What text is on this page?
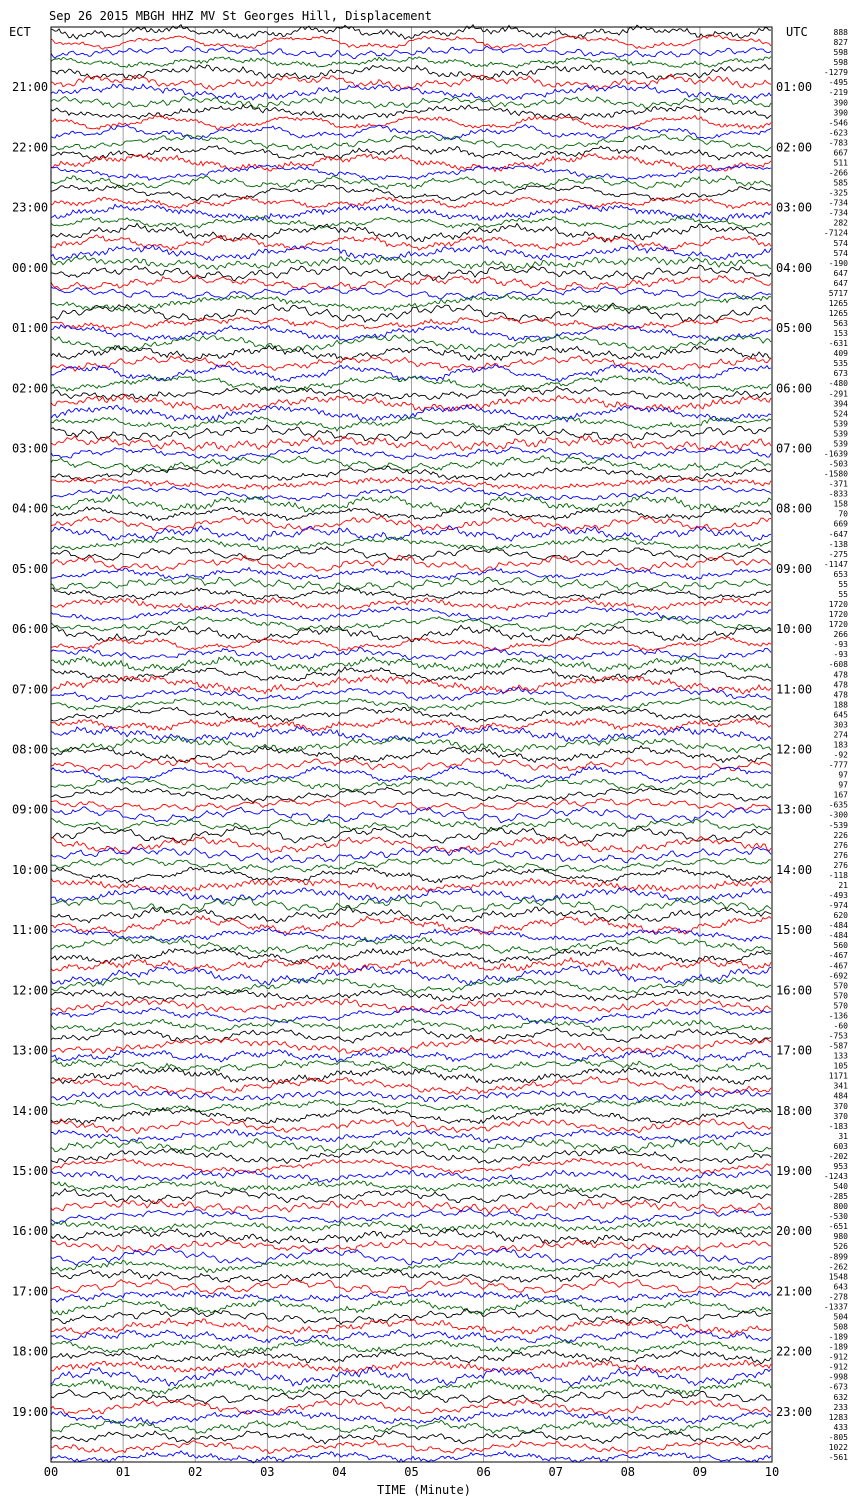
00	01	02	03	04	05	06	07	08	09	10
21:00
22:00
23:00
00:00
01:00
02:00
03:00
04:00
05:00
06:00
07:00
08:00
09:00
10:00
11:00
12:00
13:00
14:00
15:00
16:00
17:00
18:00
19:00
01:00
02:00
03:00
04:00
05:00
06:00
07:00
08:00
09:00
10:00
11:00
12:00
13:00
14:00
15:00
16:00
17:00
18:00
19:00
20:00
21:00
22:00
23:00
888
827
598
598
-1279
-495
-219
390
390
-546
-623
-783
667
511
-266
585
-325
-734
-734
282
-7124
574
574
-190
647
647
5717
1265
1265
563
153
-631
409
535
673
-480
-291
394
524
539
539
539
-1639
-503
-1580
-371
-833
158
70
669
-647
-138
-275
-1147
653
55
55
1720
1720
1720
266
-93
-93
-608
478
478
478
188
645
303
274
183
-92
-777
97
97
167
-635
-300
-539
226
276
276
276
-118
21
-493
-974
620
-484
-484
560
-467
-467
-692
570
570
570
-136
-60
-753
-587
133
105
1171
341
484
370
370
-183
31
603
-202
953
-1243
540
-285
800
-530
-651
980
526
-899
-262
1548
643
-278
-1337
504
508
-189
-189
-912
-912
-998
-673
632
233
1283
433
-805
1022
-561
Sep 26 2015 MBGH HHZ MV St Georges Hill, Displacement
ECT	UTC
TIME (Minute)
